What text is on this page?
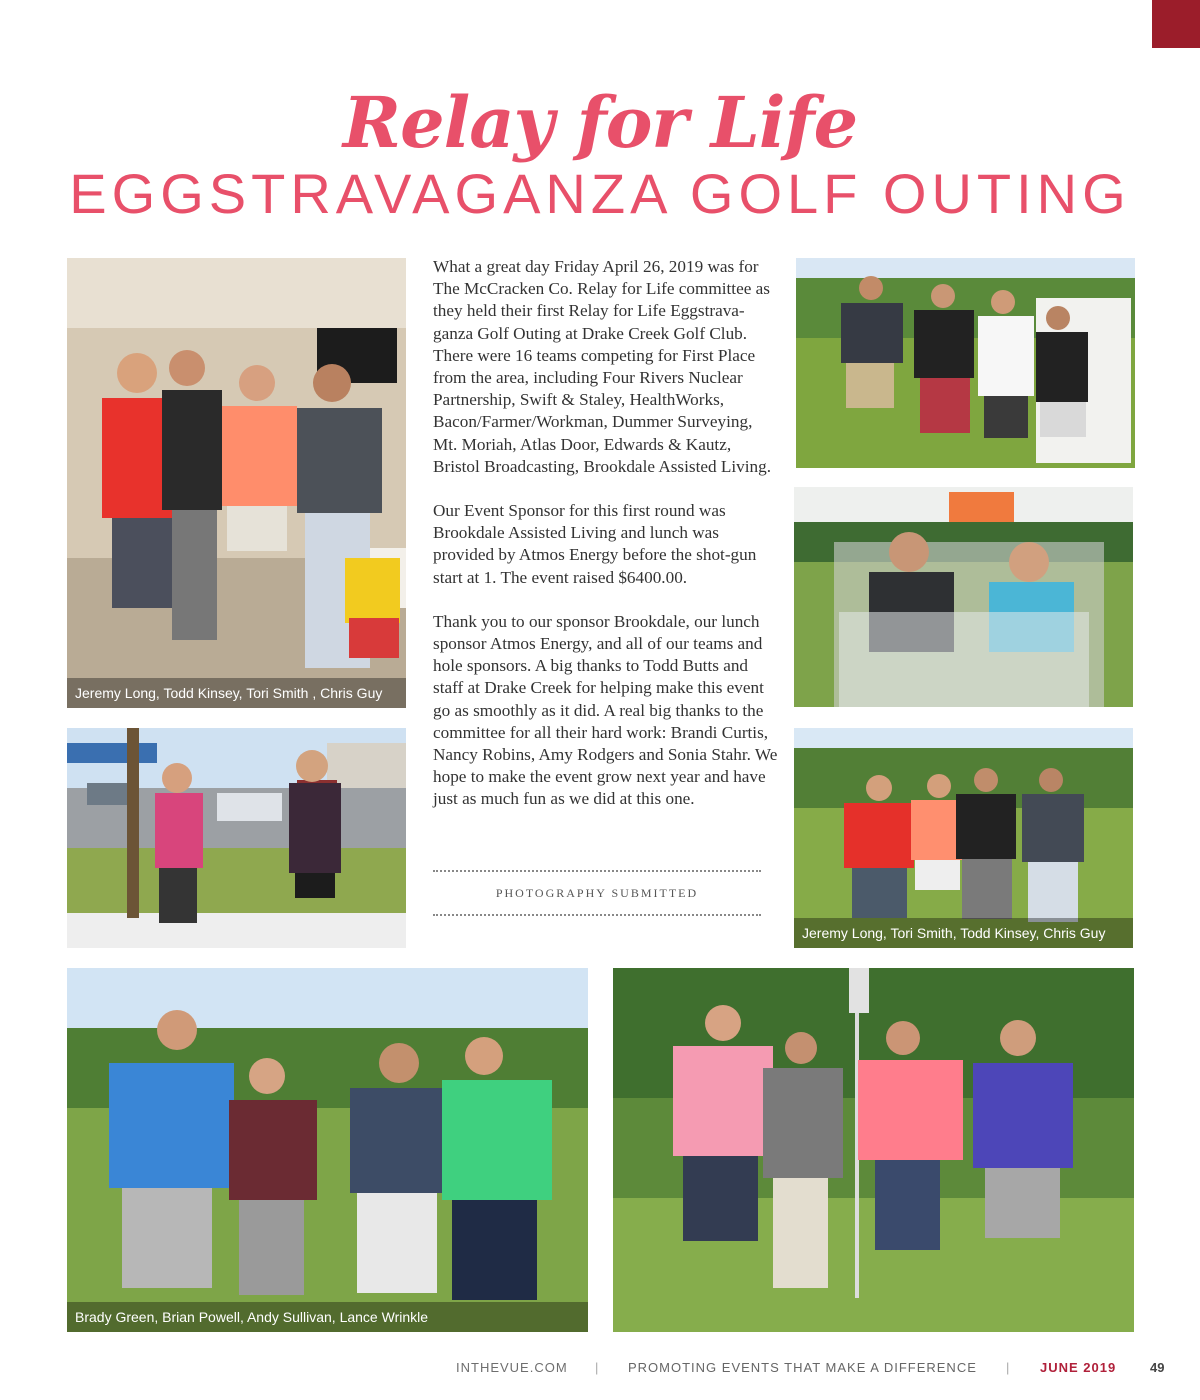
Relay for Life
EGGSTRAVAGANZA GOLF OUTING
Jeremy Long, Todd Kinsey, Tori Smith , Chris Guy
Jeremy Long, Tori Smith, Todd Kinsey, Chris Guy
Brady Green, Brian Powell, Andy Sullivan, Lance Wrinkle

What a great day Friday April 26, 2019 was for The McCracken Co. Relay for Life committee as they held their first Relay for Life Eggstrava-ganza Golf Outing at Drake Creek Golf Club. There were 16 teams competing for First Place from the area, including Four Rivers Nuclear Partnership, Swift & Staley, HealthWorks, Bacon/Farmer/Workman, Dummer Surveying, Mt. Moriah, Atlas Door, Edwards & Kautz, Bristol Broadcasting, Brookdale Assisted Living.

Our Event Sponsor for this first round was Brookdale Assisted Living and lunch was provided by Atmos Energy before the shot-gun start at 1. The event raised $6400.00.

Thank you to our sponsor Brookdale, our lunch sponsor Atmos Energy, and all of our teams and hole sponsors. A big thanks to Todd Butts and staff at Drake Creek for helping make this event go as smoothly as it did. A real big thanks to the committee for all their hard work: Brandi Curtis, Nancy Robins, Amy Rodgers and Sonia Stahr. We hope to make the event grow next year and have just as much fun as we did at this one.

PHOTOGRAPHY SUBMITTED
INTHEVUE.COM | PROMOTING EVENTS THAT MAKE A DIFFERENCE | JUNE 2019	49
